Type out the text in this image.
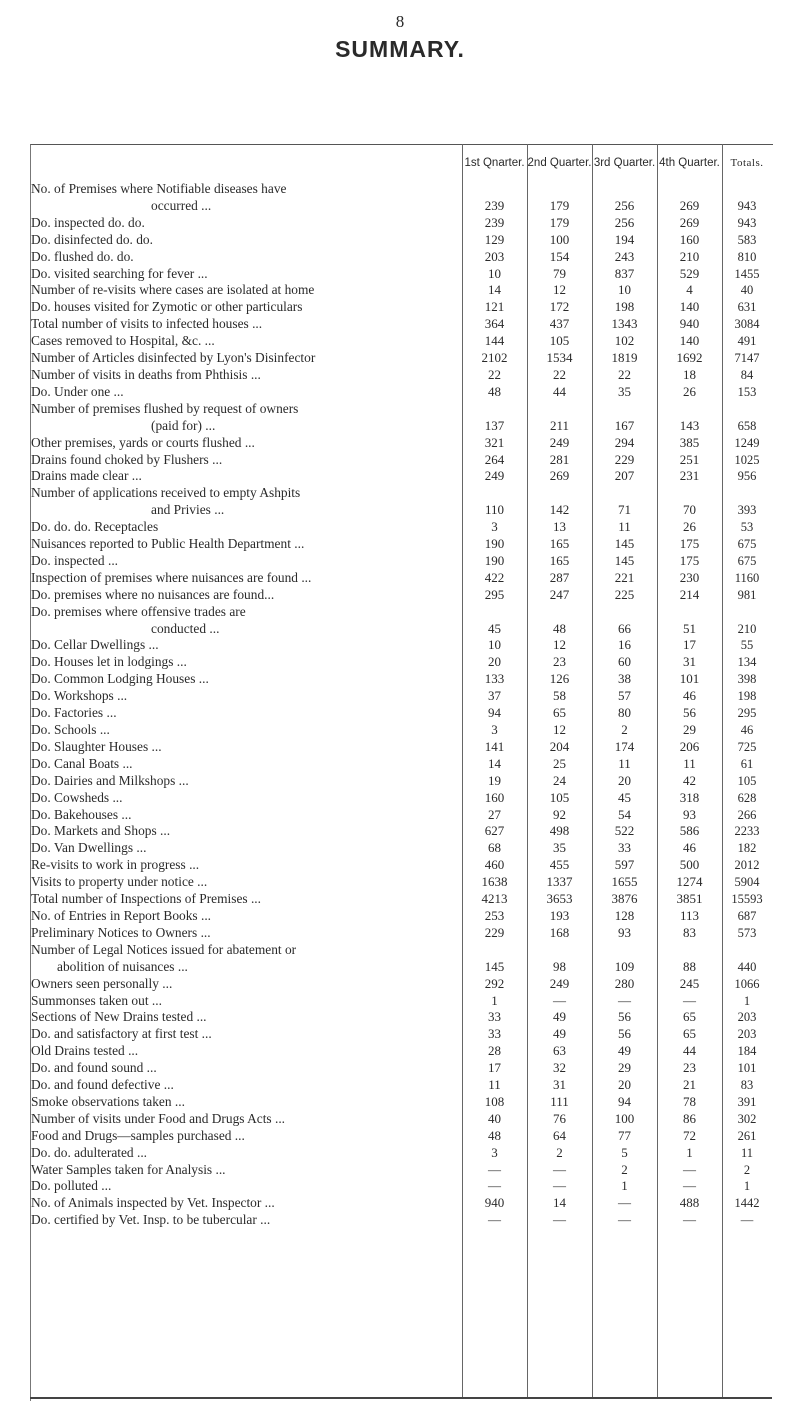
8
SUMMARY.
	1st Qnarter.	2nd Quarter.	3rd Quarter.	4th Quarter.	Totals.

No. of Premises where Notifiable diseases have
occurred ...	239	179	256	269	943

Do. inspected do. do.	239	179	256	269	943

Do. disinfected do. do.	129	100	194	160	583

Do. flushed do. do.	203	154	243	210	810

Do. visited searching for fever ...	10	79	837	529	1455

Number of re-visits where cases are isolated at home	14	12	10	4	40

Do. houses visited for Zymotic or other particulars	121	172	198	140	631

Total number of visits to infected houses ...	364	437	1343	940	3084

Cases removed to Hospital, &c. ...	144	105	102	140	491

Number of Articles disinfected by Lyon's Disinfector	2102	1534	1819	1692	7147

Number of visits in deaths from Phthisis ...	22	22	22	18	84

Do. Under one ...	48	44	35	26	153

Number of premises flushed by request of owners
(paid for) ...	137	211	167	143	658

Other premises, yards or courts flushed ...	321	249	294	385	1249

Drains found choked by Flushers ...	264	281	229	251	1025

Drains made clear ...	249	269	207	231	956

Number of applications received to empty Ashpits
and Privies ...	110	142	71	70	393

Do. do. do. Receptacles	3	13	11	26	53

Nuisances reported to Public Health Department ...	190	165	145	175	675

Do. inspected ...	190	165	145	175	675

Inspection of premises where nuisances are found ...	422	287	221	230	1160

Do. premises where no nuisances are found...	295	247	225	214	981

Do. premises where offensive trades are
conducted ...	45	48	66	51	210

Do. Cellar Dwellings ...	10	12	16	17	55

Do. Houses let in lodgings ...	20	23	60	31	134

Do. Common Lodging Houses ...	133	126	38	101	398

Do. Workshops ...	37	58	57	46	198

Do. Factories ...	94	65	80	56	295

Do. Schools ...	3	12	2	29	46

Do. Slaughter Houses ...	141	204	174	206	725

Do. Canal Boats ...	14	25	11	11	61

Do. Dairies and Milkshops ...	19	24	20	42	105

Do. Cowsheds ...	160	105	45	318	628

Do. Bakehouses ...	27	92	54	93	266

Do. Markets and Shops ...	627	498	522	586	2233

Do. Van Dwellings ...	68	35	33	46	182

Re-visits to work in progress ...	460	455	597	500	2012

Visits to property under notice ...	1638	1337	1655	1274	5904

Total number of Inspections of Premises ...	4213	3653	3876	3851	15593

No. of Entries in Report Books ...	253	193	128	113	687

Preliminary Notices to Owners ...	229	168	93	83	573

Number of Legal Notices issued for abatement or
abolition of nuisances ...	145	98	109	88	440

Owners seen personally ...	292	249	280	245	1066

Summonses taken out ...	1	—	—	—	1

Sections of New Drains tested ...	33	49	56	65	203

Do. and satisfactory at first test ...	33	49	56	65	203

Old Drains tested ...	28	63	49	44	184

Do. and found sound ...	17	32	29	23	101

Do. and found defective ...	11	31	20	21	83

Smoke observations taken ...	108	111	94	78	391

Number of visits under Food and Drugs Acts ...	40	76	100	86	302

Food and Drugs—samples purchased ...	48	64	77	72	261

Do. do. adulterated ...	3	2	5	1	11

Water Samples taken for Analysis ...	—	—	2	—	2

Do. polluted ...	—	—	1	—	1

No. of Animals inspected by Vet. Inspector ...	940	14	—	488	1442

Do. certified by Vet. Insp. to be tubercular ...	—	—	—	—	—
